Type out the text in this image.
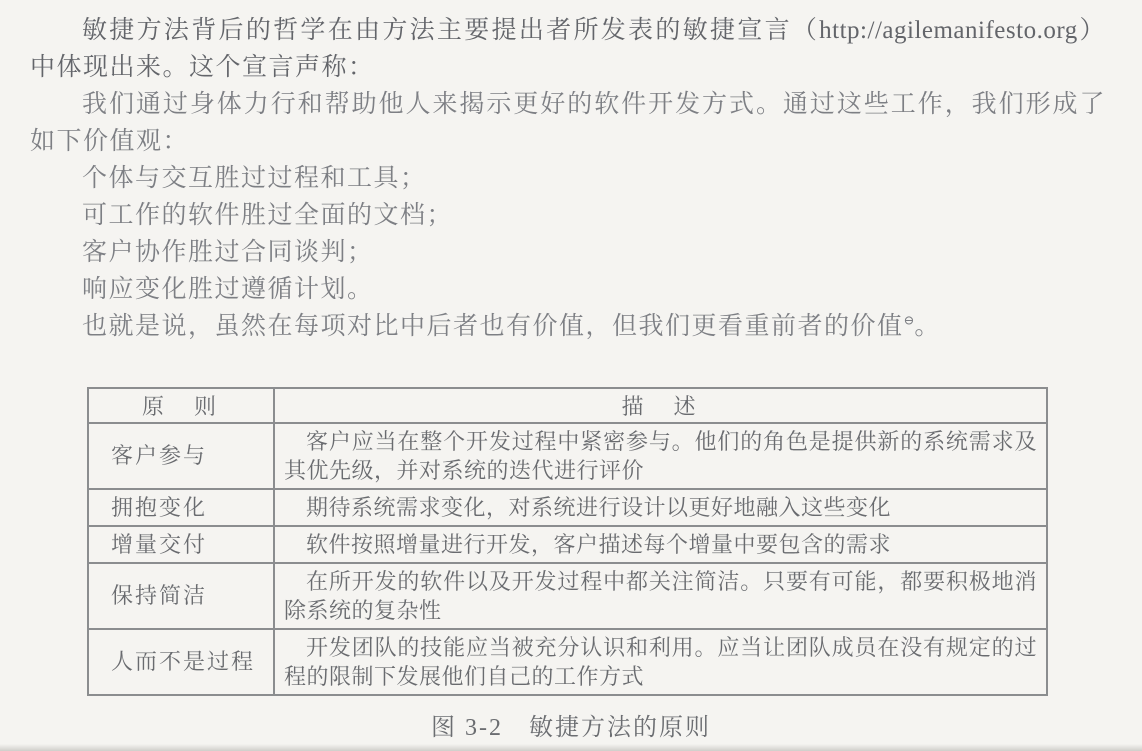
敏捷方法背后的哲学在由方法主要提出者所发表的敏捷宣言（http://agilemanifesto.org）

中体现出来。这个宣言声称：

我们通过身体力行和帮助他人来揭示更好的软件开发方式。通过这些工作，我们形成了

如下价值观：

个体与交互胜过过程和工具；

可工作的软件胜过全面的文档；

客户协作胜过合同谈判；

响应变化胜过遵循计划。

也就是说，虽然在每项对比中后者也有价值，但我们更看重前者的价值⊖。

原　则	描　述
客户参与	客户应当在整个开发过程中紧密参与。他们的角色是提供新的系统需求及其优先级，并对系统的迭代进行评价
拥抱变化	期待系统需求变化，对系统进行设计以更好地融入这些变化
增量交付	软件按照增量进行开发，客户描述每个增量中要包含的需求
保持简洁	在所开发的软件以及开发过程中都关注简洁。只要有可能，都要积极地消除系统的复杂性
人而不是过程	开发团队的技能应当被充分认识和利用。应当让团队成员在没有规定的过程的限制下发展他们自己的工作方式
图 3-2　敏捷方法的原则
